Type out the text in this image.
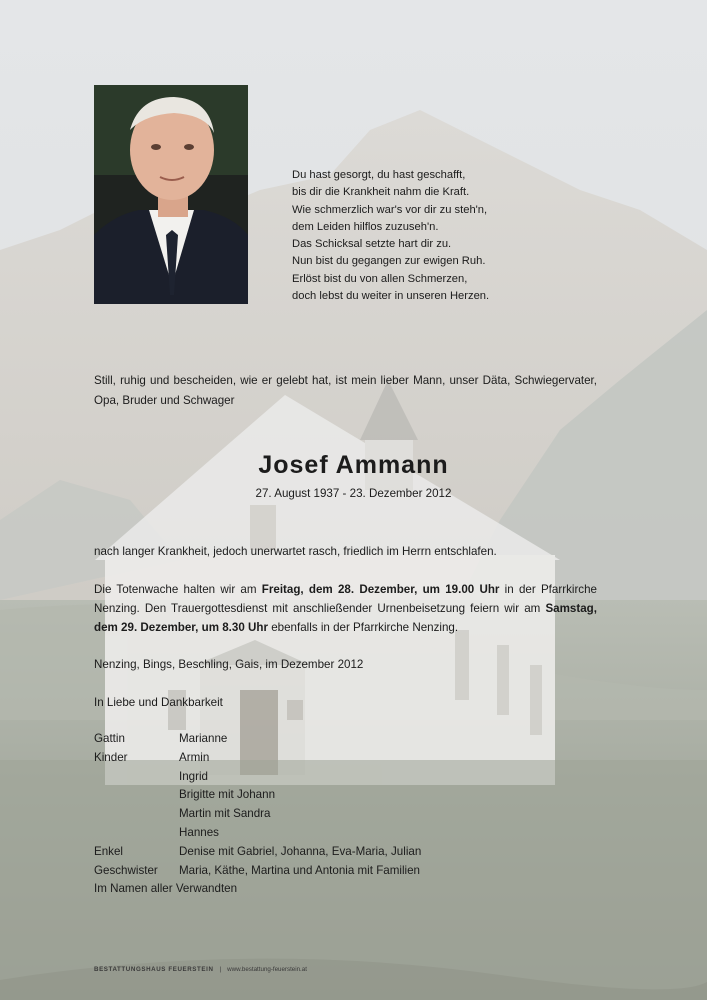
Du hast gesorgt, du hast geschafft,
bis dir die Krankheit nahm die Kraft.
Wie schmerzlich war's vor dir zu steh'n,
dem Leiden hilflos zuzuseh'n.
Das Schicksal setzte hart dir zu.
Nun bist du gegangen zur ewigen Ruh.
Erlöst bist du von allen Schmerzen,
doch lebst du weiter in unseren Herzen.
Still, ruhig und bescheiden, wie er gelebt hat, ist mein lieber Mann, unser Däta, Schwiegervater, Opa, Bruder und Schwager
Josef Ammann
27. August 1937 - 23. Dezember 2012
nach langer Krankheit, jedoch unerwartet rasch, friedlich im Herrn entschlafen.
Die Totenwache halten wir am Freitag, dem 28. Dezember, um 19.00 Uhr in der Pfarrkirche Nenzing. Den Trauergottesdienst mit anschließender Urnenbeisetzung feiern wir am Samstag, dem 29. Dezember, um 8.30 Uhr ebenfalls in der Pfarrkirche Nenzing.
Nenzing, Bings, Beschling, Gais, im Dezember 2012
In Liebe und Dankbarkeit
Gattin	Marianne
Kinder	Armin
Ingrid
Brigitte mit Johann
Martin mit Sandra
Hannes
Enkel	Denise mit Gabriel, Johanna, Eva-Maria, Julian
Geschwister	Maria, Käthe, Martina und Antonia mit Familien
Im Namen aller Verwandten
BESTATTUNGSHAUS FEUERSTEIN | www.bestattung-feuerstein.at
